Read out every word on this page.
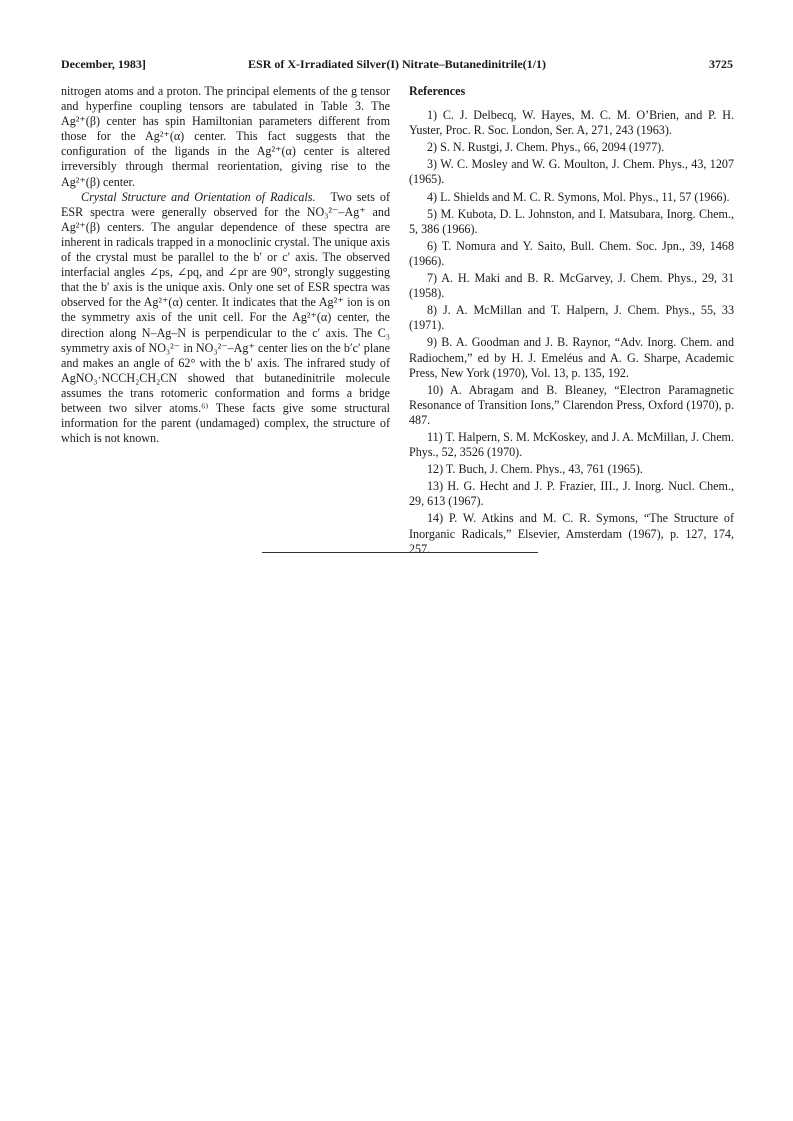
December, 1983]	ESR of X-Irradiated Silver(I) Nitrate–Butanedinitrile(1/1)	3725

nitrogen atoms and a proton. The principal elements of the g tensor and hyperfine coupling tensors are tabulated in Table 3. The Ag²⁺(β) center has spin Hamiltonian parameters different from those for the Ag²⁺(α) center. This fact suggests that the configuration of the ligands in the Ag²⁺(α) center is altered irreversibly through thermal reorientation, giving rise to the Ag²⁺(β) center.

Crystal Structure and Orientation of Radicals. Two sets of ESR spectra were generally observed for the NO₃²⁻–Ag⁺ and Ag²⁺(β) centers. The angular dependence of these spectra are inherent in radicals trapped in a monoclinic crystal. The unique axis of the crystal must be parallel to the b′ or c′ axis. The observed interfacial angles ∠ps, ∠pq, and ∠pr are 90°, strongly suggesting that the b′ axis is the unique axis. Only one set of ESR spectra was observed for the Ag²⁺(α) center. It indicates that the Ag²⁺ ion is on the symmetry axis of the unit cell. For the Ag²⁺(α) center, the direction along N–Ag–N is perpendicular to the c′ axis. The C₃ symmetry axis of NO₃²⁻ in NO₃²⁻–Ag⁺ center lies on the b′c′ plane and makes an angle of 62° with the b′ axis. The infrared study of AgNO₃·NCCH₂CH₂CN showed that butanedinitrile molecule assumes the trans rotomeric conformation and forms a bridge between two silver atoms.⁶⁾ These facts give some structural information for the parent (undamaged) complex, the structure of which is not known.

References

1) C. J. Delbecq, W. Hayes, M. C. M. O’Brien, and P. H. Yuster, Proc. R. Soc. London, Ser. A, 271, 243 (1963).

2) S. N. Rustgi, J. Chem. Phys., 66, 2094 (1977).

3) W. C. Mosley and W. G. Moulton, J. Chem. Phys., 43, 1207 (1965).

4) L. Shields and M. C. R. Symons, Mol. Phys., 11, 57 (1966).

5) M. Kubota, D. L. Johnston, and I. Matsubara, Inorg. Chem., 5, 386 (1966).

6) T. Nomura and Y. Saito, Bull. Chem. Soc. Jpn., 39, 1468 (1966).

7) A. H. Maki and B. R. McGarvey, J. Chem. Phys., 29, 31 (1958).

8) J. A. McMillan and T. Halpern, J. Chem. Phys., 55, 33 (1971).

9) B. A. Goodman and J. B. Raynor, “Adv. Inorg. Chem. and Radiochem,” ed by H. J. Emeléus and A. G. Sharpe, Academic Press, New York (1970), Vol. 13, p. 135, 192.

10) A. Abragam and B. Bleaney, “Electron Paramagnetic Resonance of Transition Ions,” Clarendon Press, Oxford (1970), p. 487.

11) T. Halpern, S. M. McKoskey, and J. A. McMillan, J. Chem. Phys., 52, 3526 (1970).

12) T. Buch, J. Chem. Phys., 43, 761 (1965).

13) H. G. Hecht and J. P. Frazier, III., J. Inorg. Nucl. Chem., 29, 613 (1967).

14) P. W. Atkins and M. C. R. Symons, “The Structure of Inorganic Radicals,” Elsevier, Amsterdam (1967), p. 127, 174, 257.
